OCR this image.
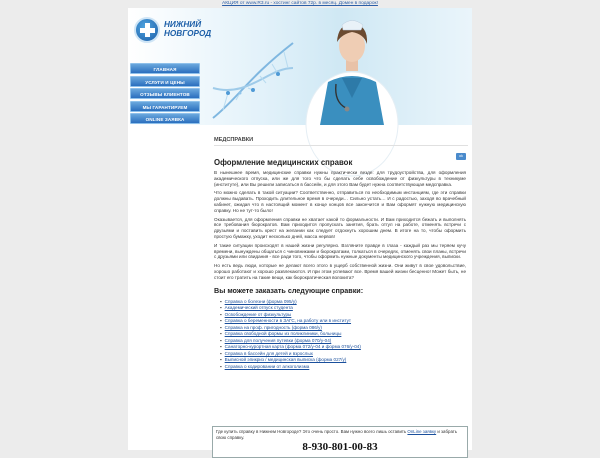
АКЦИЯ от www.R3.ru - хостинг сайтов 72р. в месяц. Домен в подарок!
НИЖНИЙ
НОВГОРОД
ГЛАВНАЯ
УСЛУГИ И ЦЕНЫ
ОТЗЫВЫ КЛИЕНТОВ
МЫ ГАРАНТИРУЕМ
ONLINE ЗАЯВКА
МЕДСПРАВКИ
Оформление медицинских справок
ok

В нынешнее время, медицинские справки нужны практически везде: для трудоустройства, для оформления академического отпуска, или же для того что бы сделать себе освобождение от физкультуры в техникуме (институте), или Вы решили записаться в бассейн, и для этого Вам будет нужна соответствующая медсправка.

Что можно сделать в такой ситуации? Соответственно, отправиться по необходимым инстанциям, где эти справки должны выдавать. Проходить длительное время в очереди… Сильно устать… И с радостью, заходя во врачебный кабинет, ожидая что в настоящий момент в конце концов все закончится и Вам оформят нужную медицинскую справку. Но не тут-то было!

Оказывается, для оформления справки не хватает какой то формальности. И Вам приходится бежать и выполнять все требования бюрократов. Вам приходится пропускать занятия, брать отгул на работе, отменять встречи с друзьями и поставить крест на желании как следует отдохнуть хорошим днем. В итоге на то, чтобы оформить простую бумажку, уходит несколько дней, масса нервов!

И такие ситуации происходят в нашей жизни регулярно. Взгляните правде в глаза - каждый раз мы теряем кучу времени, вынуждены общаться с чиновниками и бюрократами, толкаться в очередях, отменять свои планы, встречи с друзьями или свидания - все ради того, чтобы оформить нужные документы медицинского учреждения, выписки.

Но есть ведь люди, которые не делают всего этого в ущерб собственной жизни. Они живут в свое удовольствие, хорошо работают и хорошо развлекаются. И при этом успевают все. Время вашей жизни бесценно! Может быть, не стоит его тратить на такие вещи, как бюрократическая волокита?

Вы можете заказать следующие справки:
▪ Справка о болезни (форма 095/у)
▪ Академический отпуск студента
▪ Освобождение от физкультуры
▪ Справка о беременности в ЗАГС, на работу или в институт
▪ Справка на проф. пригодность (форма 086/у)
▪ Справка свободной формы из поликлиники, больницы
▪ Справка для получения путевки (форма 070/у-04)
▪ Санаторно-курортная карта (форма 072/у-04 и форма 076/у-04)
▪ Справка в бассейн для детей и взрослых
▪ Выписной эпикриз / медицинская выписка (форма 027/у)
▪ Справка о кодировании от алкоголизма
Где купить справку в Нижнем Новгороде? Это очень просто. Вам нужно всего лишь оставить OnLine заявку и забрать свою справку.
8-930-801-00-83
